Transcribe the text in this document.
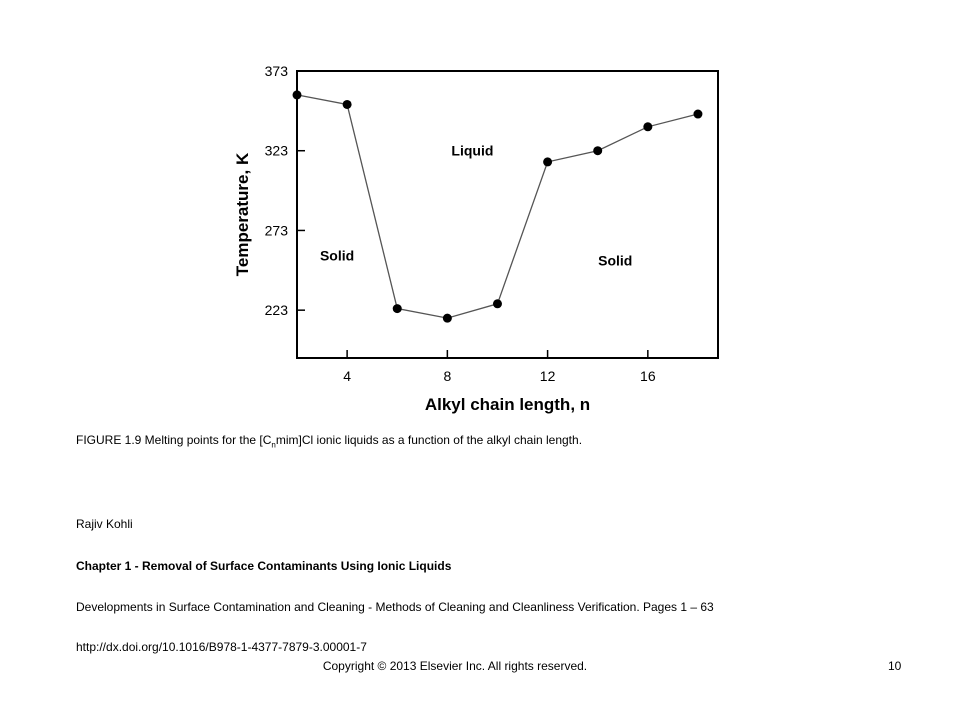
223
273
323
373
4	8	12	16
Alkyl chain length, n
Temperature, K
Liquid
Solid	Solid
FIGURE 1.9 Melting points for the $[C_nmim]Cl$ ionic liquids as a function of the alkyl chain length.
Rajiv Kohli
Chapter 1 - Removal of Surface Contaminants Using Ionic Liquids
Developments in Surface Contamination and Cleaning - Methods of Cleaning and Cleanliness Verification. Pages 1 – 63
http://dx.doi.org/10.1016/B978-1-4377-7879-3.00001-7
Copyright © 2013 Elsevier Inc. All rights reserved.	10
